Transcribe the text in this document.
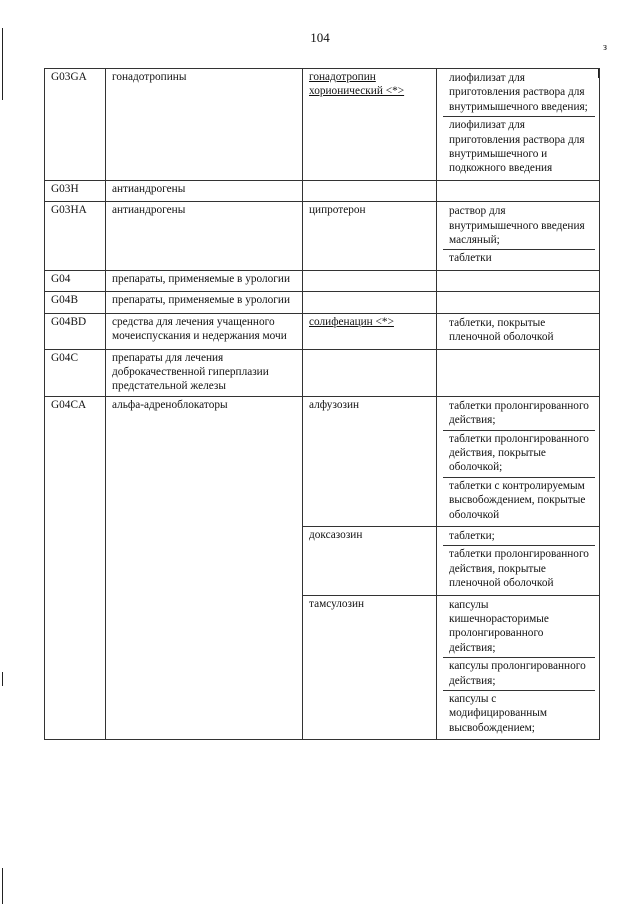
104
з
G03GA	гонадотропины	гонадотропин хорионический <*>	лиофилизат для приготовления раствора для внутримышечного введения;
лиофилизат для приготовления раствора для внутримышечного и подкожного введения

G03H	антиандрогены		

G03HA	антиандрогены	ципротерон	раствор для внутримышечного введения масляный;
таблетки

G04	препараты, применяемые в урологии		

G04B	препараты, применяемые в урологии		

G04BD	средства для лечения учащенного мочеиспускания и недержания мочи	солифенацин <*>	таблетки, покрытые пленочной оболочкой

G04C	препараты для лечения доброкачественной гиперплазии предстательной железы		

G04CA	альфа-адреноблокаторы	алфузозин	таблетки пролонгированного действия;
таблетки пролонгированного действия, покрытые оболочкой;
таблетки с контролируемым высвобождением, покрытые оболочкой

		доксазозин	таблетки;
таблетки пролонгированного действия, покрытые пленочной оболочкой

		тамсулозин	капсулы кишечнорасторимые пролонгированного действия;
капсулы пролонгированного действия;
капсулы с модифицированным высвобождением;
